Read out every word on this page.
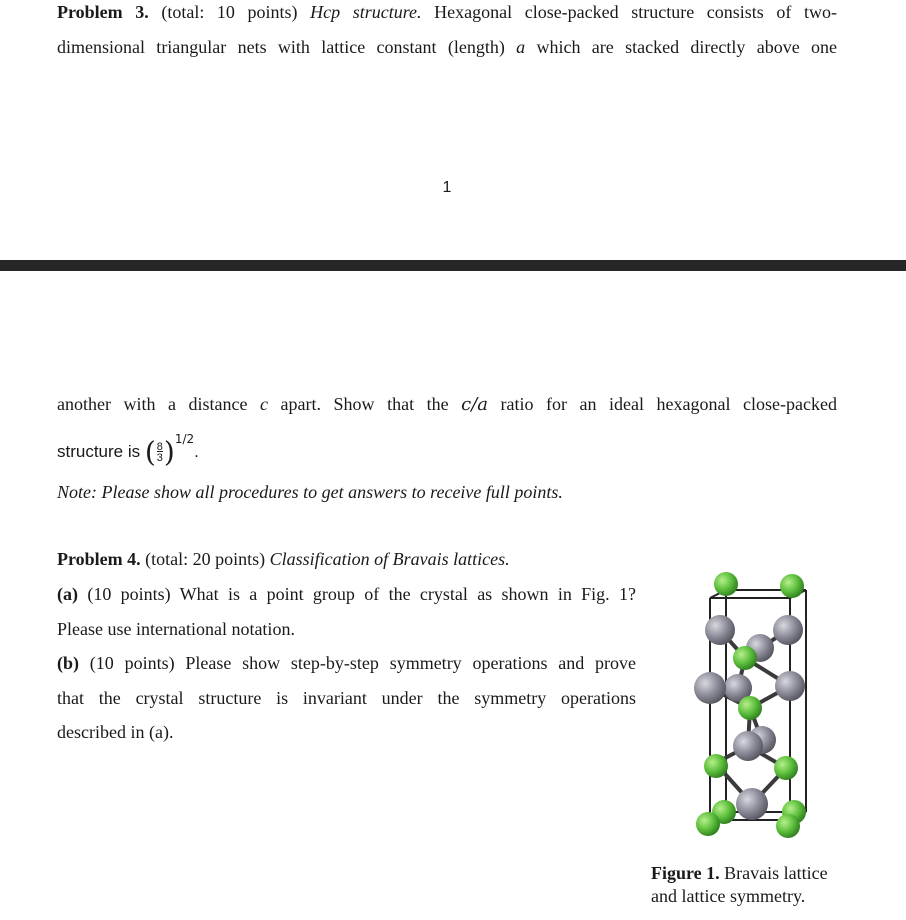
Problem 3. (total: 10 points) Hcp structure. Hexagonal close-packed structure consists of two-
dimensional triangular nets with lattice constant (length) a which are stacked directly above one
1
another with a distance c apart. Show that the c/a ratio for an ideal hexagonal close-packed
structure is $(\frac{8}{3})^{1/2}$.
Note: Please show all procedures to get answers to receive full points.
Problem 4. (total: 20 points) Classification of Bravais lattices.
(a) (10 points) What is a point group of the crystal as shown in Fig. 1?
Please use international notation.
(b) (10 points) Please show step-by-step symmetry operations and prove
that the crystal structure is invariant under the symmetry operations
described in (a).
Figure 1. Bravais lattice
and lattice symmetry.
